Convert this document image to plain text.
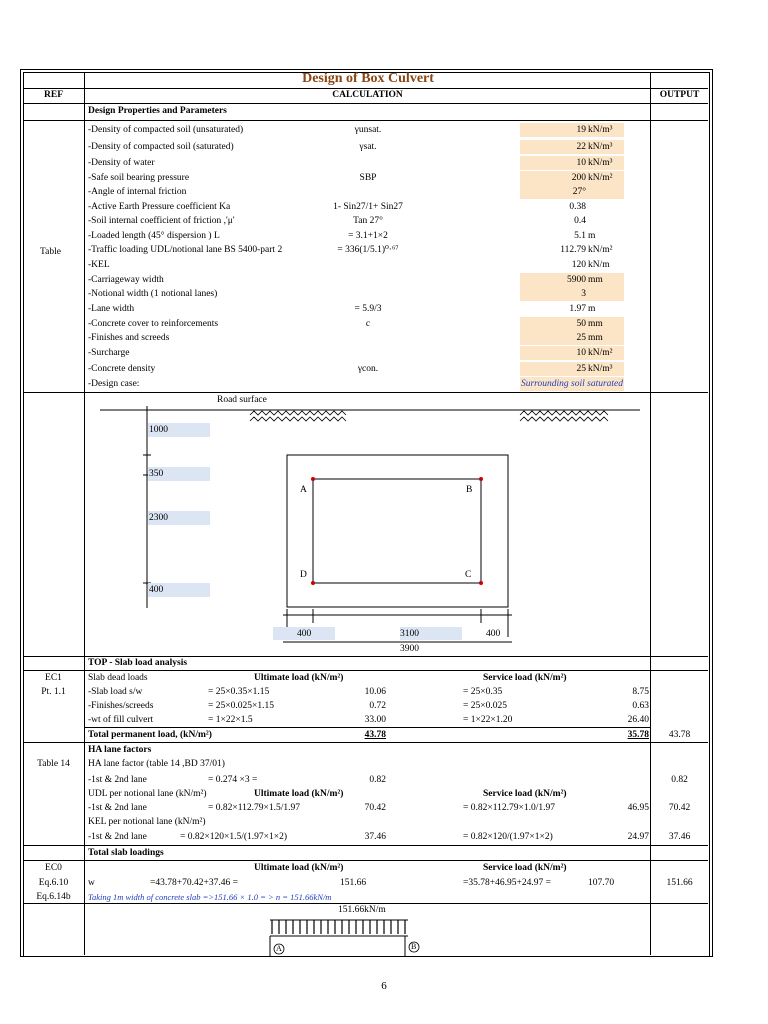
Design of Box Culvert
REF	CALCULATION	OUTPUT
Design Properties and Parameters
Table
-Density of compacted soil (unsaturated)	γunsat.	19 kN/m³
-Density of compacted soil (saturated)	γsat.	22 kN/m³
-Density of water	10 kN/m³
-Safe soil bearing pressure	SBP	200 kN/m²
-Angle of internal friction	27°
-Active Earth Pressure coefficient Ka	1- Sin27/1+ Sin27	0.38
-Soil internal coefficient of friction ,'μ'	Tan 27°	0.4
-Loaded length (45° dispersion ) L	= 3.1+1×2	5.1 m
-Traffic loading UDL/notional lane BS 5400-part 2	= 336(1/5.1)⁰·⁶⁷	112.79 kN/m²
-KEL	120 kN/m
-Carriageway width	5900 mm
-Notional width (1 notional lanes)	3
-Lane width	= 5.9/3	1.97 m
-Concrete cover to reinforcements	c	50 mm
-Finishes and screeds	25 mm
-Surcharge	10 kN/m²
-Concrete density	γcon.	25 kN/m³
-Design case:	Surrounding soil saturated
Road surface
1000
350
2300
400
A	B
D	C
400	3100	400
3900
TOP - Slab load analysis
EC1
Pt. 1.1
Slab dead loads	Ultimate load (kN/m²)	Service load (kN/m²)
-Slab load s/w	= 25×0.35×1.15	10.06	= 25×0.35	8.75
-Finishes/screeds	= 25×0.025×1.15	0.72	= 25×0.025	0.63
-wt of fill culvert	= 1×22×1.5	33.00	= 1×22×1.20	26.40
Total permanent load, (kN/m²)	43.78	35.78	43.78
HA lane factors
Table 14	HA lane factor (table 14 ,BD 37/01)
-1st & 2nd lane	= 0.274 ×3 =	0.82	0.82
UDL per notional lane (kN/m²)	Ultimate load (kN/m²)	Service load (kN/m²)
-1st & 2nd lane	= 0.82×112.79×1.5/1.97	70.42	= 0.82×112.79×1.0/1.97	46.95	70.42
KEL per notional lane (kN/m²)
-1st & 2nd lane	= 0.82×120×1.5/(1.97×1×2)	37.46	= 0.82×120/(1.97×1×2)	24.97	37.46
Total slab loadings
EC0
Eq.6.10
Eq.6.14b
Ultimate load (kN/m²)	Service load (kN/m²)
w	=43.78+70.42+37.46 =	151.66	=35.78+46.95+24.97 =	107.70	151.66
Taking 1m width of concrete slab =>151.66 × 1.0 = > n = 151.66kN/m
151.66kN/m
A	B
6
